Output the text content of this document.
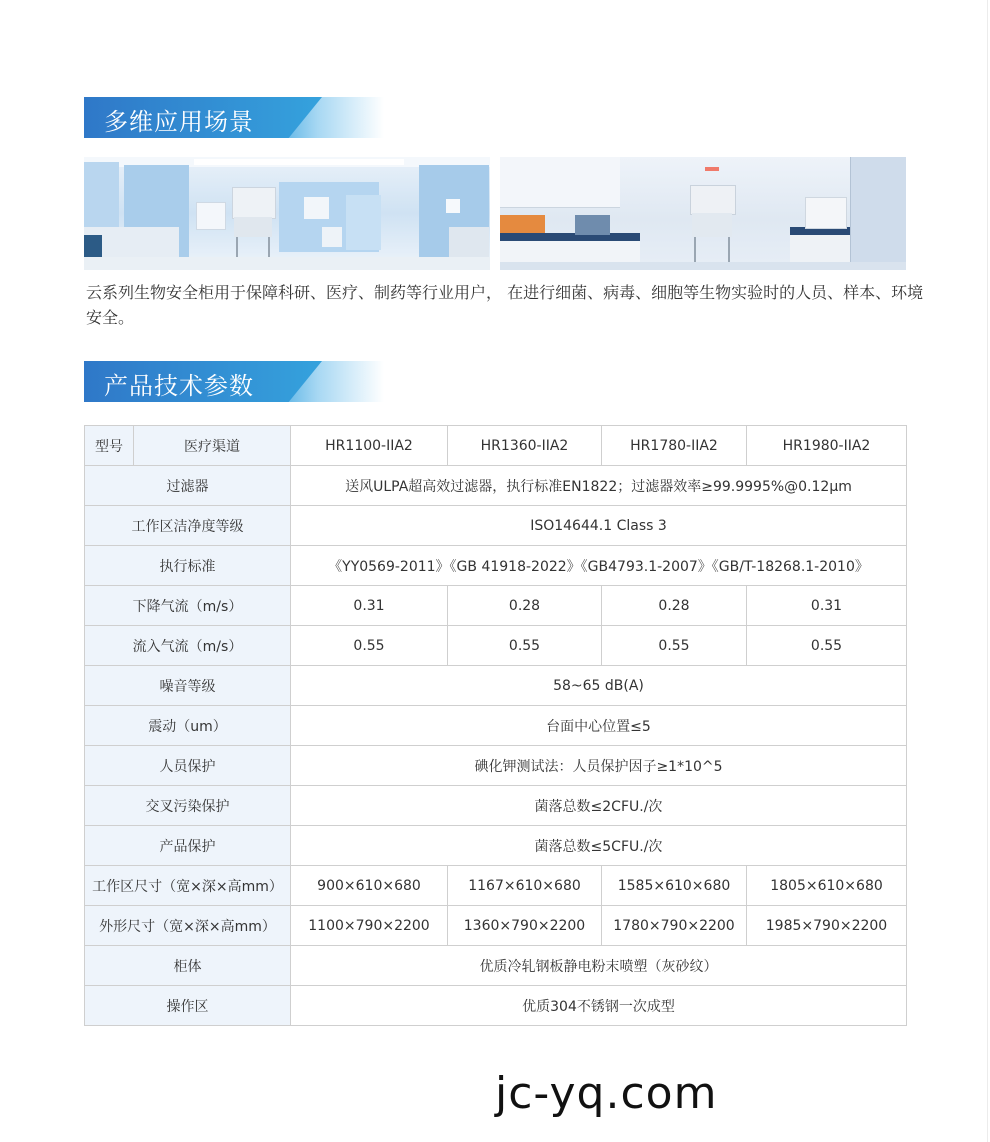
多维应用场景
云系列生物安全柜用于保障科研、医疗、制药等行业用户， 在进行细菌、病毒、细胞等生物实验时的人员、样本、环境安全。
产品技术参数
型号	医疗渠道	HR1100-IIA2	HR1360-IIA2	HR1780-IIA2	HR1980-IIA2
过滤器		送风ULPA超高效过滤器，执行标准EN1822；过滤器效率≥99.9995%@0.12μm			
工作区洁净度等级		ISO14644.1 Class 3			
执行标准		《YY0569-2011》《GB 41918-2022》《GB4793.1-2007》《GB/T-18268.1-2010》			
下降气流（m/s）		0.31	0.28	0.28	0.31
流入气流（m/s）		0.55	0.55	0.55	0.55
噪音等级		58~65 dB(A)			
震动（um）		台面中心位置≤5			
人员保护		碘化钾测试法：人员保护因子≥1*10^5			
交叉污染保护		菌落总数≤2CFU./次			
产品保护		菌落总数≤5CFU./次			
工作区尺寸（宽×深×高mm）		900×610×680	1167×610×680	1585×610×680	1805×610×680
外形尺寸（宽×深×高mm）		1100×790×2200	1360×790×2200	1780×790×2200	1985×790×2200
柜体		优质冷轧钢板静电粉末喷塑（灰砂纹）			
操作区		优质304不锈钢一次成型			
jc-yq.com
